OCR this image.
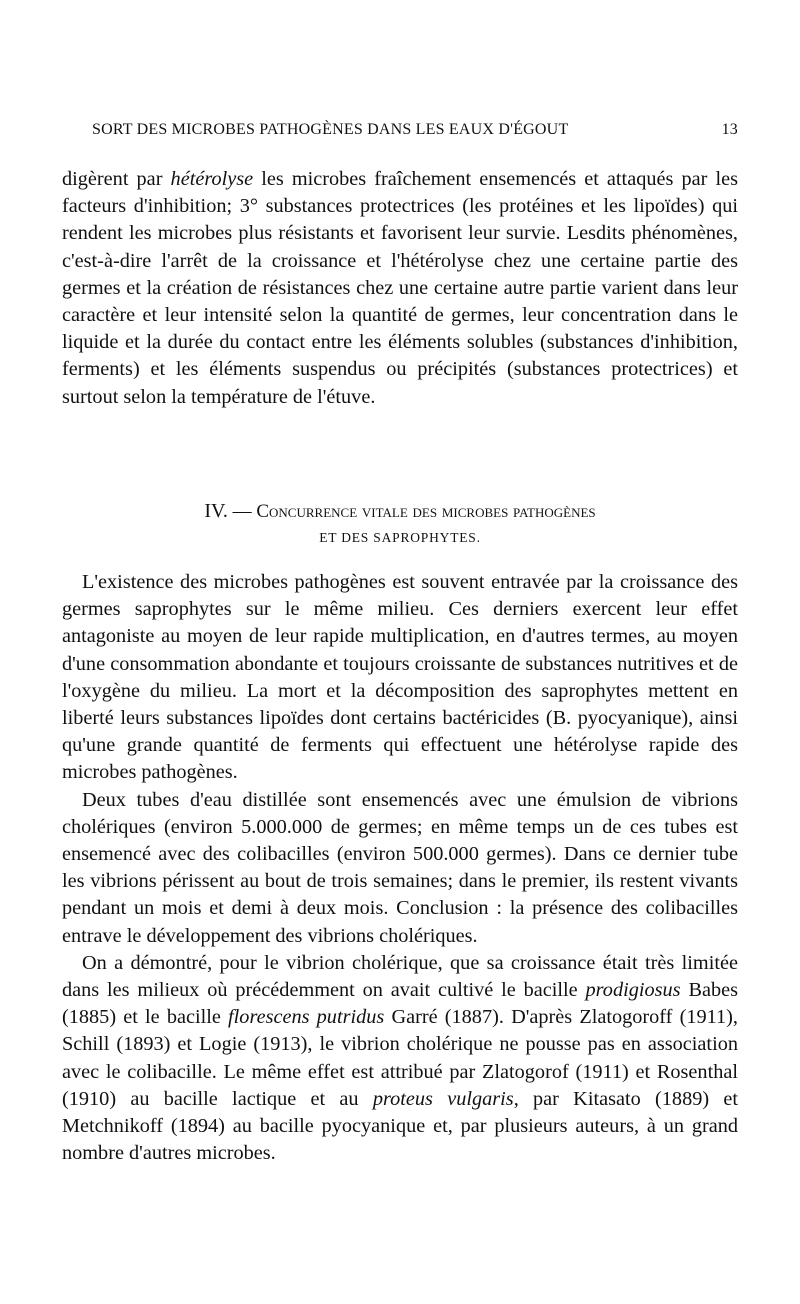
SORT DES MICROBES PATHOGÈNES DANS LES EAUX D'ÉGOUT	13

digèrent par hétérolyse les microbes fraîchement ensemencés et attaqués par les facteurs d'inhibition; 3° substances protectrices (les protéines et les lipoïdes) qui rendent les microbes plus résistants et favorisent leur survie. Lesdits phénomènes, c'est-à-dire l'arrêt de la croissance et l'hétérolyse chez une certaine partie des germes et la création de résistances chez une certaine autre partie varient dans leur caractère et leur intensité selon la quantité de germes, leur concentration dans le liquide et la durée du contact entre les éléments solubles (substances d'inhibition, ferments) et les éléments suspendus ou précipités (substances protectrices) et surtout selon la température de l'étuve.

IV. — Concurrence vitale des microbes pathogènes
ET DES SAPROPHYTES.

L'existence des microbes pathogènes est souvent entravée par la croissance des germes saprophytes sur le même milieu. Ces derniers exercent leur effet antagoniste au moyen de leur rapide multiplication, en d'autres termes, au moyen d'une consommation abondante et toujours croissante de substances nutritives et de l'oxygène du milieu. La mort et la décomposition des saprophytes mettent en liberté leurs substances lipoïdes dont certains bactéricides (B. pyocyanique), ainsi qu'une grande quantité de ferments qui effectuent une hétérolyse rapide des microbes pathogènes.

Deux tubes d'eau distillée sont ensemencés avec une émulsion de vibrions cholériques (environ 5.000.000 de germes; en même temps un de ces tubes est ensemencé avec des colibacilles (environ 500.000 germes). Dans ce dernier tube les vibrions périssent au bout de trois semaines; dans le premier, ils restent vivants pendant un mois et demi à deux mois. Conclusion : la présence des colibacilles entrave le développement des vibrions cholériques.

On a démontré, pour le vibrion cholérique, que sa croissance était très limitée dans les milieux où précédemment on avait cultivé le bacille prodigiosus Babes (1885) et le bacille florescens putridus Garré (1887). D'après Zlatogoroff (1911), Schill (1893) et Logie (1913), le vibrion cholérique ne pousse pas en association avec le colibacille. Le même effet est attribué par Zlatogorof (1911) et Rosenthal (1910) au bacille lactique et au proteus vulgaris, par Kitasato (1889) et Metchnikoff (1894) au bacille pyocyanique et, par plusieurs auteurs, à un grand nombre d'autres microbes.
